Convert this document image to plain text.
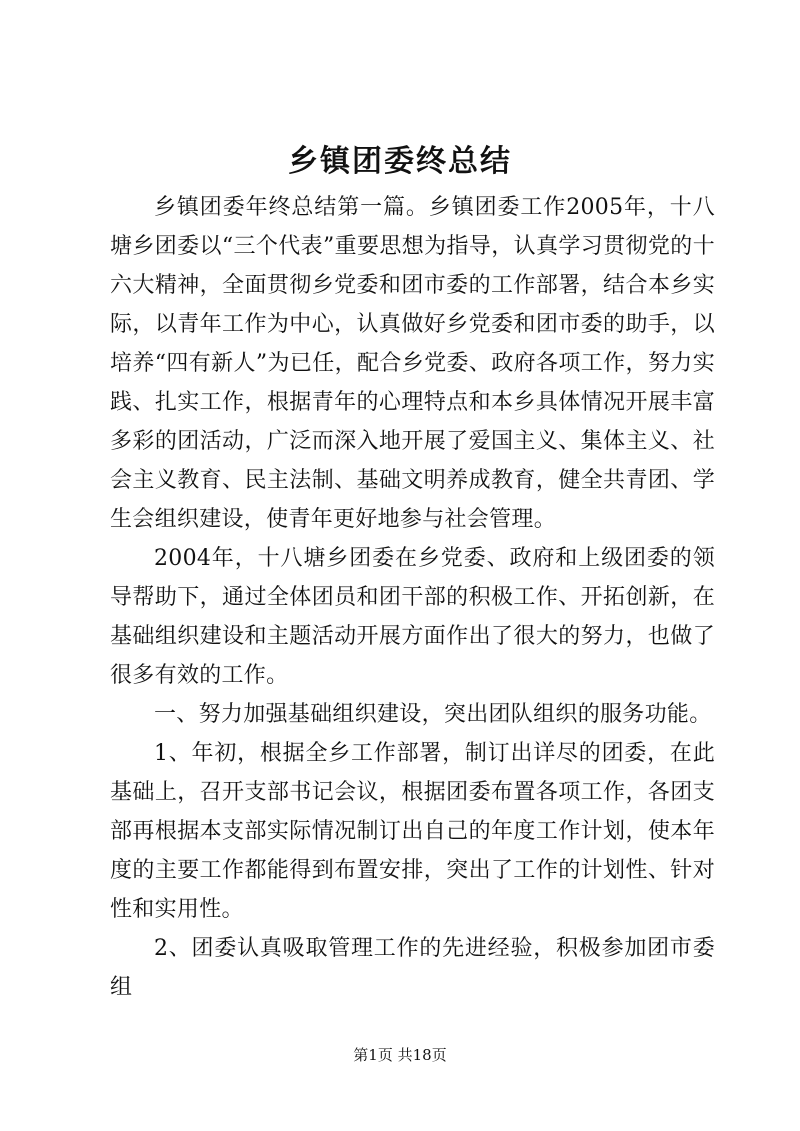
乡镇团委终总结

乡镇团委年终总结第一篇。乡镇团委工作2005年，十八塘乡团委以“三个代表”重要思想为指导，认真学习贯彻党的十六大精神，全面贯彻乡党委和团市委的工作部署，结合本乡实际，以青年工作为中心，认真做好乡党委和团市委的助手，以培养“四有新人”为已任，配合乡党委、政府各项工作，努力实践、扎实工作，根据青年的心理特点和本乡具体情况开展丰富多彩的团活动，广泛而深入地开展了爱国主义、集体主义、社会主义教育、民主法制、基础文明养成教育，健全共青团、学生会组织建设，使青年更好地参与社会管理。

2004年，十八塘乡团委在乡党委、政府和上级团委的领导帮助下，通过全体团员和团干部的积极工作、开拓创新，在基础组织建设和主题活动开展方面作出了很大的努力，也做了很多有效的工作。

一、努力加强基础组织建设，突出团队组织的服务功能。

1、年初，根据全乡工作部署，制订出详尽的团委，在此基础上，召开支部书记会议，根据团委布置各项工作，各团支部再根据本支部实际情况制订出自己的年度工作计划，使本年度的主要工作都能得到布置安排，突出了工作的计划性、针对性和实用性。

2、团委认真吸取管理工作的先进经验，积极参加团市委组

第1页 共18页
